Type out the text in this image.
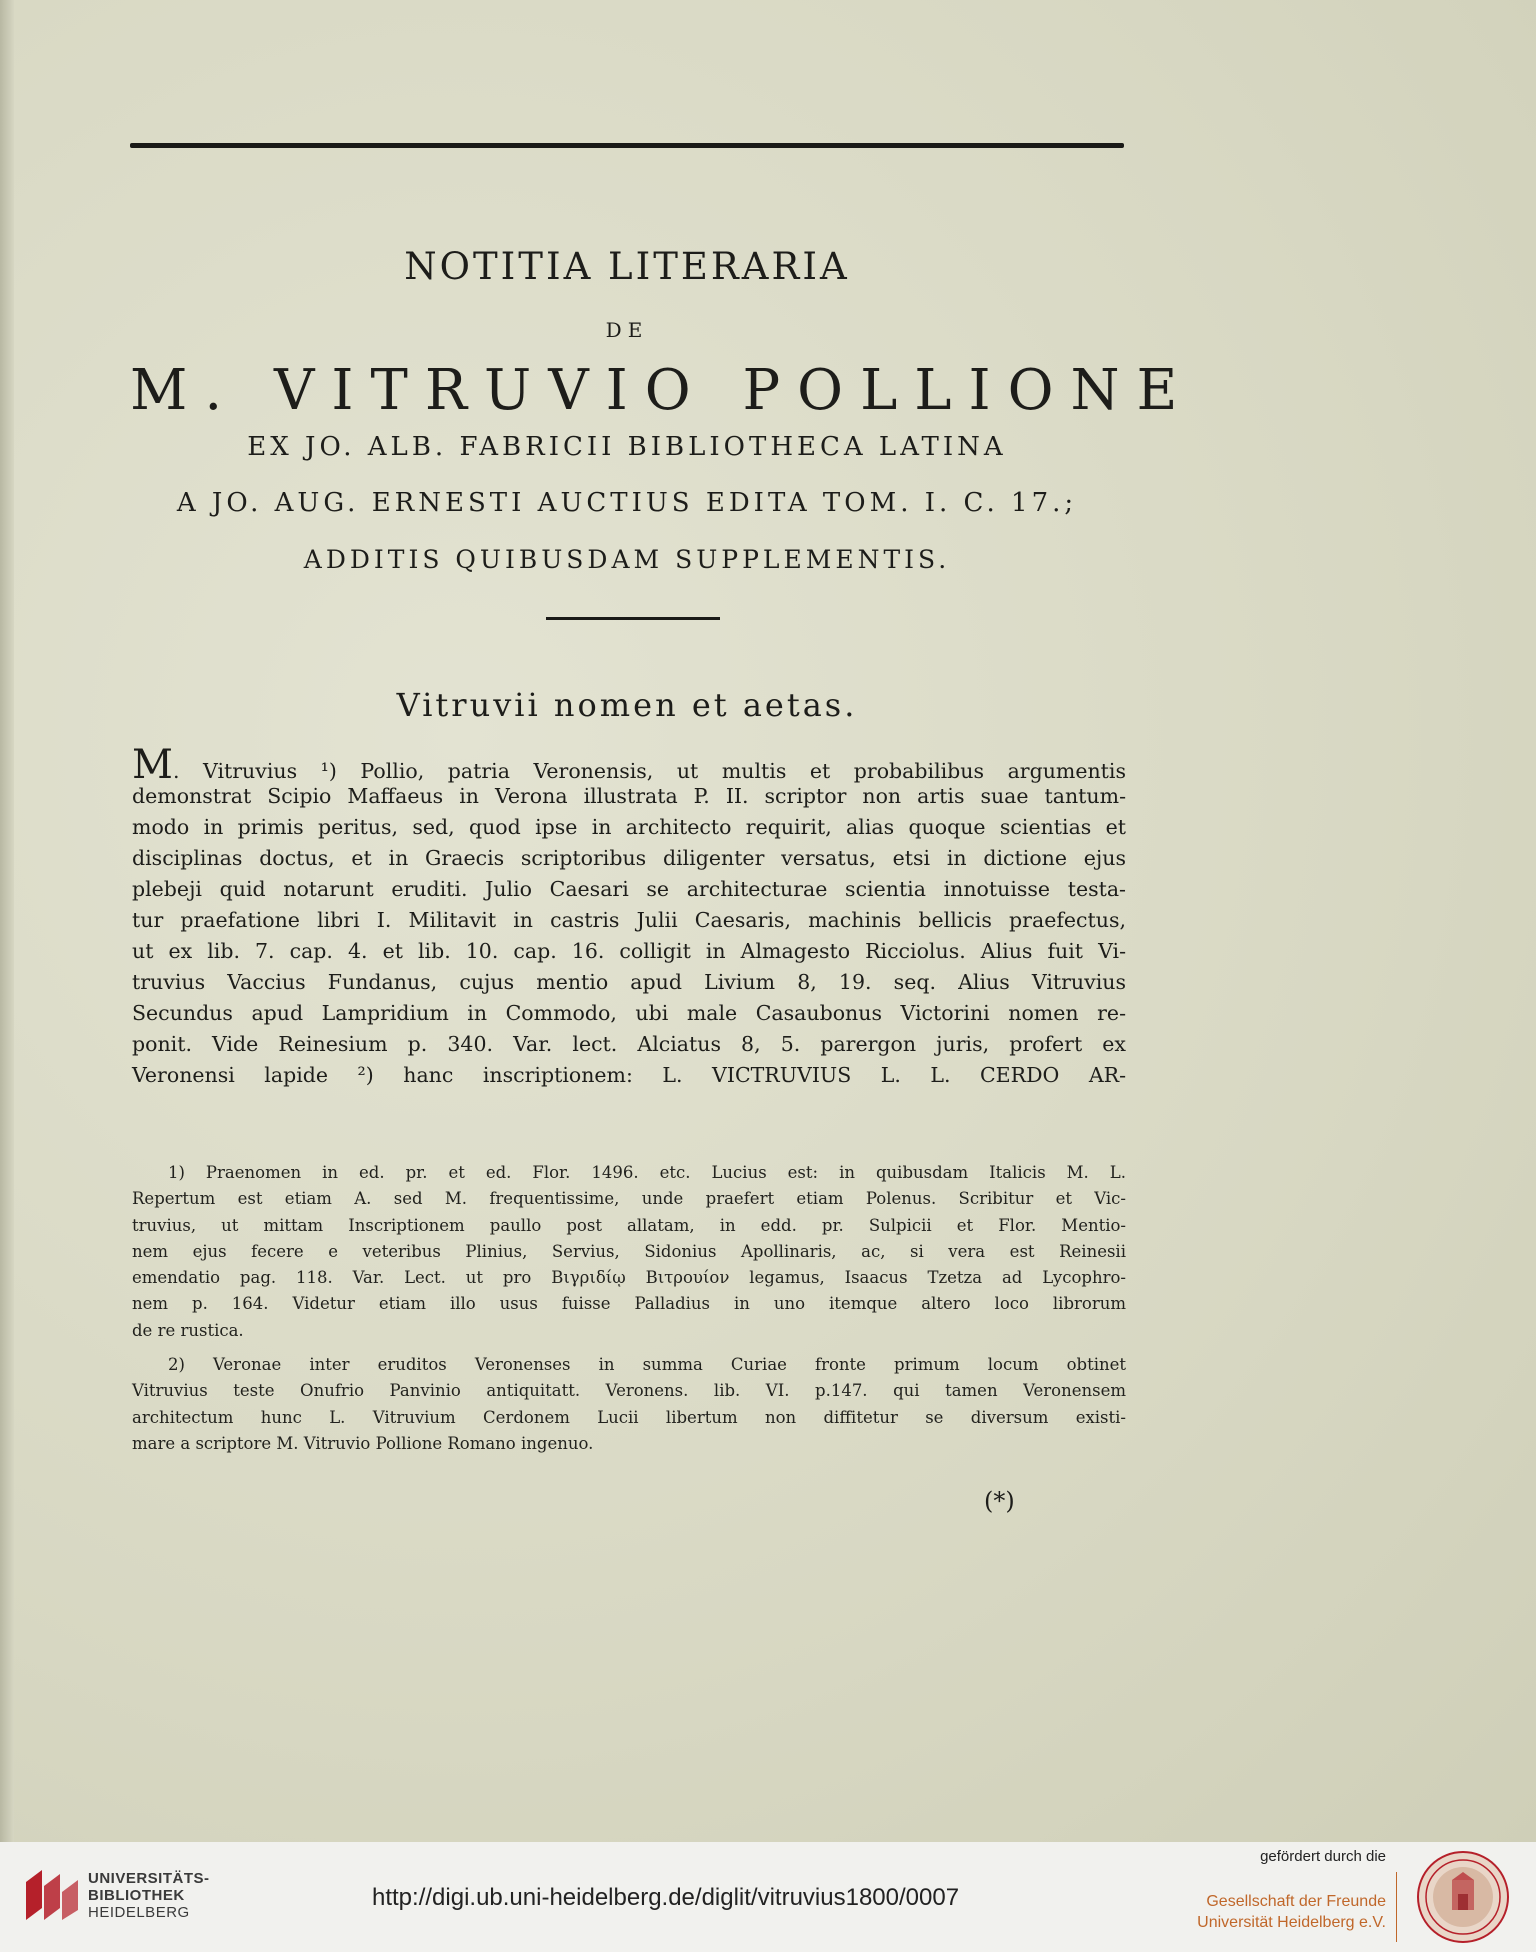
NOTITIA LITERARIA
DE
M. VITRUVIO POLLIONE
EX JO. ALB. FABRICII BIBLIOTHECA LATINA
A JO. AUG. ERNESTI AUCTIUS EDITA TOM. I. C. 17.;
ADDITIS QUIBUSDAM SUPPLEMENTIS.
Vitruvii nomen et aetas.
M. Vitruvius ¹) Pollio, patria Veronensis, ut multis et probabilibus argumentis
demonstrat Scipio Maffaeus in Verona illustrata P. II. scriptor non artis suae tantum-
modo in primis peritus, sed, quod ipse in architecto requirit, alias quoque scientias et
disciplinas doctus, et in Graecis scriptoribus diligenter versatus, etsi in dictione ejus
plebeji quid notarunt eruditi. Julio Caesari se architecturae scientia innotuisse testa-
tur praefatione libri I. Militavit in castris Julii Caesaris, machinis bellicis praefectus,
ut ex lib. 7. cap. 4. et lib. 10. cap. 16. colligit in Almagesto Ricciolus. Alius fuit Vi-
truvius Vaccius Fundanus, cujus mentio apud Livium 8, 19. seq. Alius Vitruvius
Secundus apud Lampridium in Commodo, ubi male Casaubonus Victorini nomen re-
ponit. Vide Reinesium p. 340. Var. lect. Alciatus 8, 5. parergon juris, profert ex
Veronensi lapide ²) hanc inscriptionem: L. VICTRUVIUS L. L. CERDO AR-
1) Praenomen in ed. pr. et ed. Flor. 1496. etc. Lucius est: in quibusdam Italicis M. L.
Repertum est etiam A. sed M. frequentissime, unde praefert etiam Polenus. Scribitur et Vic-
truvius, ut mittam Inscriptionem paullo post allatam, in edd. pr. Sulpicii et Flor. Mentio-
nem ejus fecere e veteribus Plinius, Servius, Sidonius Apollinaris, ac, si vera est Reinesii
emendatio pag. 118. Var. Lect. ut pro Βιγριδίῳ Βιτρουίον legamus, Isaacus Tzetza ad Lycophro-
nem p. 164. Videtur etiam illo usus fuisse Palladius in uno itemque altero loco librorum
de re rustica.
2) Veronae inter eruditos Veronenses in summa Curiae fronte primum locum obtinet
Vitruvius teste Onufrio Panvinio antiquitatt. Veronens. lib. VI. p.147. qui tamen Veronensem
architectum hunc L. Vitruvium Cerdonem Lucii libertum non diffitetur se diversum existi-
mare a scriptore M. Vitruvio Pollione Romano ingenuo.
(*)
UNIVERSITÄTS-
BIBLIOTHEK
HEIDELBERG
http://digi.ub.uni-heidelberg.de/diglit/vitruvius1800/0007
gefördert durch die
Gesellschaft der Freunde
Universität Heidelberg e.V.
